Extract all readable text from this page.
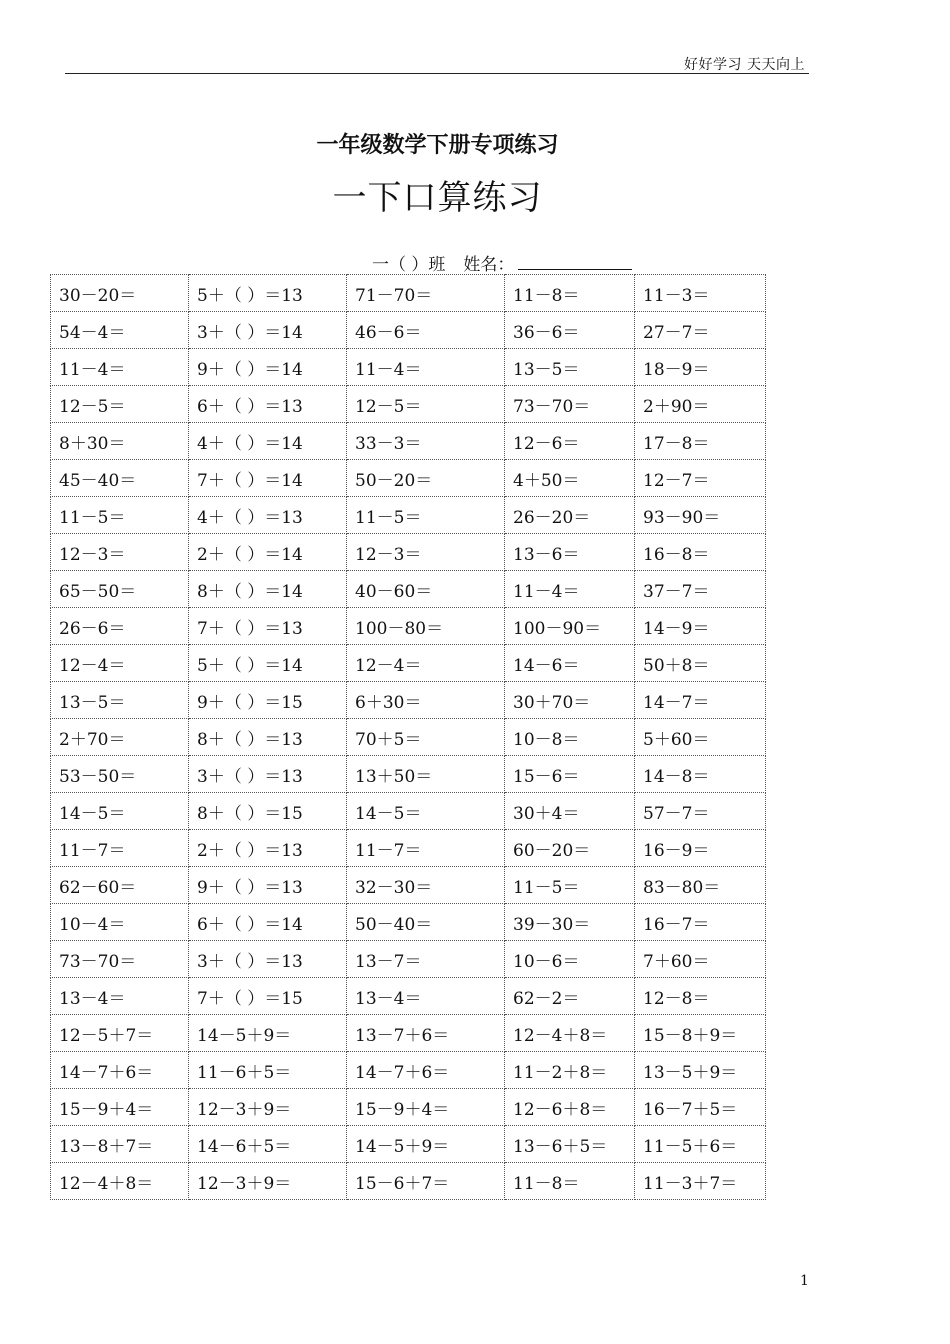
好好学习 天天向上
一年级数学下册专项练习
一下口算练习
一（ ）班 姓名：
30－20＝	5＋（ ）＝13	71－70＝	11－8＝	11－3＝
54－4＝	3＋（ ）＝14	46－6＝	36－6＝	27－7＝
11－4＝	9＋（ ）＝14	11－4＝	13－5＝	18－9＝
12－5＝	6＋（ ）＝13	12－5＝	73－70＝	2＋90＝
8＋30＝	4＋（ ）＝14	33－3＝	12－6＝	17－8＝
45－40＝	7＋（ ）＝14	50－20＝	4＋50＝	12－7＝
11－5＝	4＋（ ）＝13	11－5＝	26－20＝	93－90＝
12－3＝	2＋（ ）＝14	12－3＝	13－6＝	16－8＝
65－50＝	8＋（ ）＝14	40－60＝	11－4＝	37－7＝
26－6＝	7＋（ ）＝13	100－80＝	100－90＝	14－9＝
12－4＝	5＋（ ）＝14	12－4＝	14－6＝	50＋8＝
13－5＝	9＋（ ）＝15	6＋30＝	30＋70＝	14－7＝
2＋70＝	8＋（ ）＝13	70＋5＝	10－8＝	5＋60＝
53－50＝	3＋（ ）＝13	13＋50＝	15－6＝	14－8＝
14－5＝	8＋（ ）＝15	14－5＝	30＋4＝	57－7＝
11－7＝	2＋（ ）＝13	11－7＝	60－20＝	16－9＝
62－60＝	9＋（ ）＝13	32－30＝	11－5＝	83－80＝
10－4＝	6＋（ ）＝14	50－40＝	39－30＝	16－7＝
73－70＝	3＋（ ）＝13	13－7＝	10－6＝	7＋60＝
13－4＝	7＋（ ）＝15	13－4＝	62－2＝	12－8＝
12－5＋7＝	14－5＋9＝	13－7＋6＝	12－4＋8＝	15－8＋9＝
14－7＋6＝	11－6＋5＝	14－7＋6＝	11－2＋8＝	13－5＋9＝
15－9＋4＝	12－3＋9＝	15－9＋4＝	12－6＋8＝	16－7＋5＝
13－8＋7＝	14－6＋5＝	14－5＋9＝	13－6＋5＝	11－5＋6＝
12－4＋8＝	12－3＋9＝	15－6＋7＝	11－8＝	11－3＋7＝
1
